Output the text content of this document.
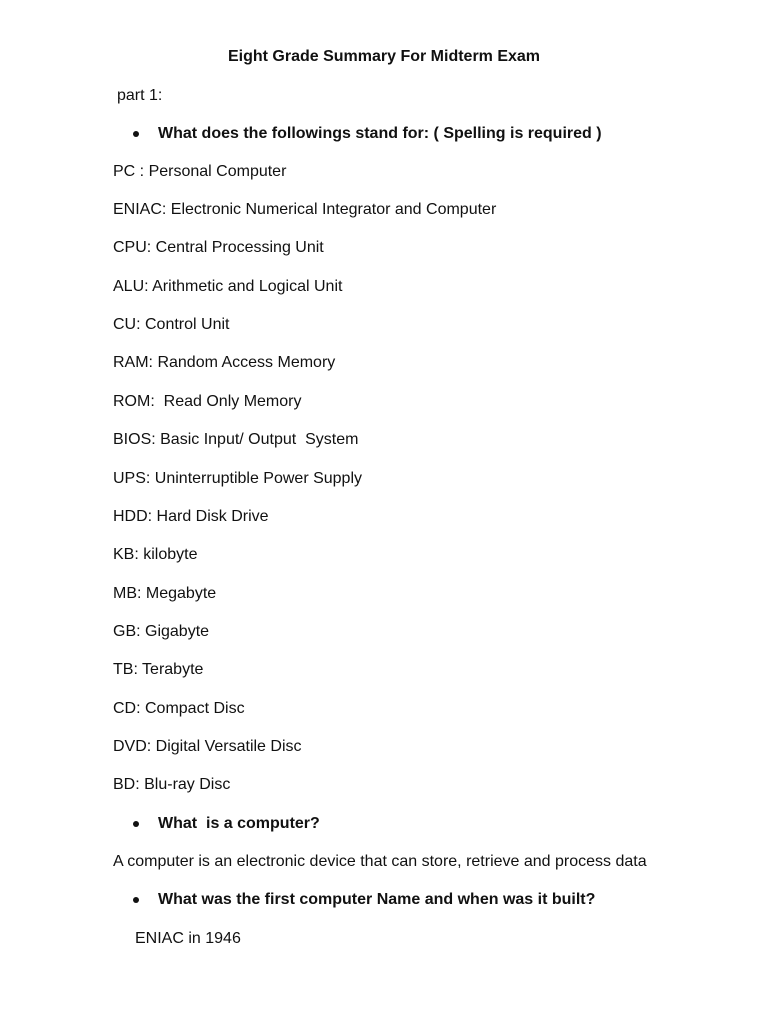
Eight Grade Summary For Midterm Exam
part 1:

What does the followings stand for: ( Spelling is required )

PC : Personal Computer
ENIAC: Electronic Numerical Integrator and Computer
CPU: Central Processing Unit
ALU: Arithmetic and Logical Unit
CU: Control Unit
RAM: Random Access Memory
ROM:  Read Only Memory
BIOS: Basic Input/ Output  System
UPS: Uninterruptible Power Supply
HDD: Hard Disk Drive
KB: kilobyte
MB: Megabyte
GB: Gigabyte
TB: Terabyte
CD: Compact Disc
DVD: Digital Versatile Disc
BD: Blu-ray Disc

What  is a computer?

A computer is an electronic device that can store, retrieve and process data

What was the first computer Name and when was it built?

ENIAC in 1946
